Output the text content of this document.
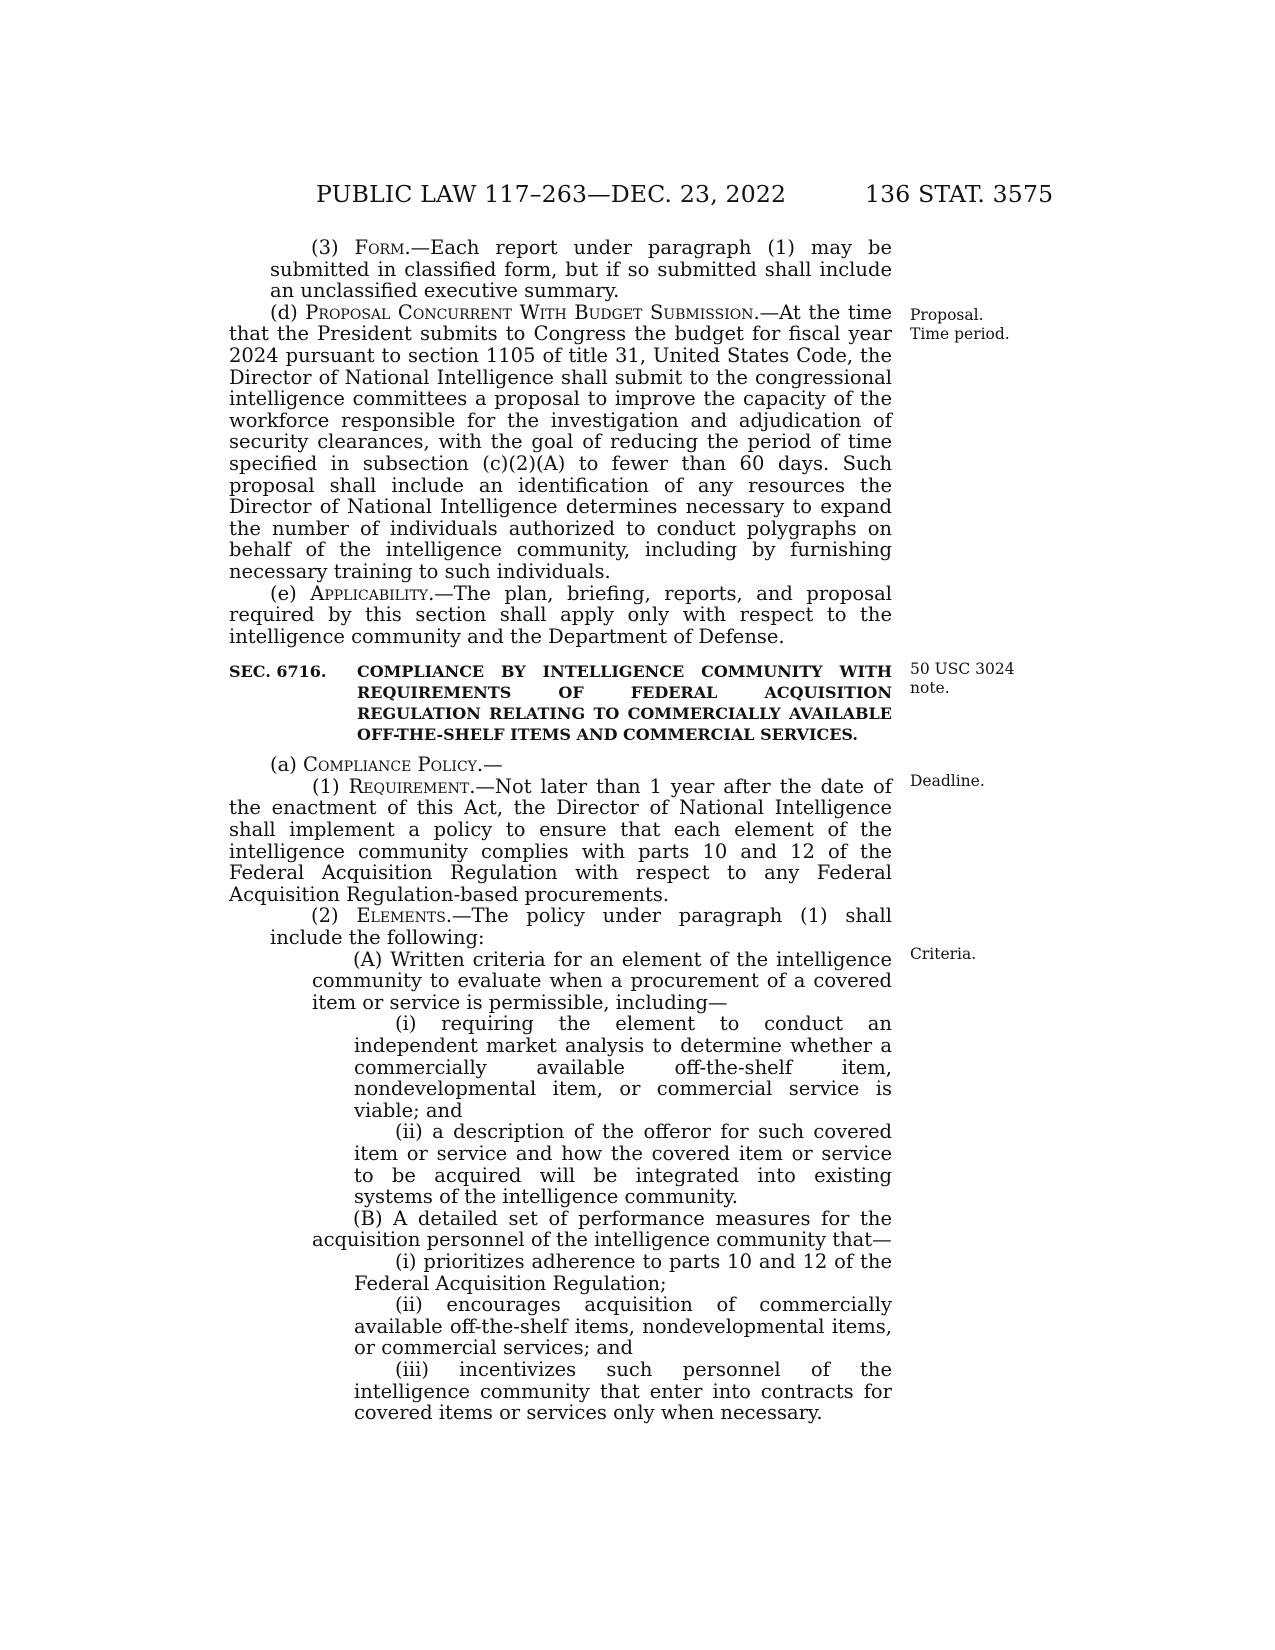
PUBLIC LAW 117–263—DEC. 23, 2022	136 STAT. 3575

(3) Form.—Each report under paragraph (1) may be submitted in classified form, but if so submitted shall include an unclassified executive summary.

(d) Proposal Concurrent With Budget Submission.—At the time that the President submits to Congress the budget for fiscal year 2024 pursuant to section 1105 of title 31, United States Code, the Director of National Intelligence shall submit to the congressional intelligence committees a proposal to improve the capacity of the workforce responsible for the investigation and adjudication of security clearances, with the goal of reducing the period of time specified in subsection (c)(2)(A) to fewer than 60 days. Such proposal shall include an identification of any resources the Director of National Intelligence determines necessary to expand the number of individuals authorized to conduct polygraphs on behalf of the intelligence community, including by furnishing necessary training to such individuals.

(e) Applicability.—The plan, briefing, reports, and proposal required by this section shall apply only with respect to the intelligence community and the Department of Defense.

SEC. 6716.	COMPLIANCE BY INTELLIGENCE COMMUNITY WITH REQUIREMENTS OF FEDERAL ACQUISITION REGULATION RELATING TO COMMERCIALLY AVAILABLE OFF-THE-SHELF ITEMS AND COMMERCIAL SERVICES.

(a) Compliance Policy.—

(1) Requirement.—Not later than 1 year after the date of the enactment of this Act, the Director of National Intelligence shall implement a policy to ensure that each element of the intelligence community complies with parts 10 and 12 of the Federal Acquisition Regulation with respect to any Federal Acquisition Regulation-based procurements.

(2) Elements.—The policy under paragraph (1) shall include the following:

(A) Written criteria for an element of the intelligence community to evaluate when a procurement of a covered item or service is permissible, including—

(i) requiring the element to conduct an independent market analysis to determine whether a commercially available off-the-shelf item, nondevelopmental item, or commercial service is viable; and

(ii) a description of the offeror for such covered item or service and how the covered item or service to be acquired will be integrated into existing systems of the intelligence community.

(B) A detailed set of performance measures for the acquisition personnel of the intelligence community that—

(i) prioritizes adherence to parts 10 and 12 of the Federal Acquisition Regulation;

(ii) encourages acquisition of commercially available off-the-shelf items, nondevelopmental items, or commercial services; and

(iii) incentivizes such personnel of the intelligence community that enter into contracts for covered items or services only when necessary.

Proposal.
Time period.
50 USC 3024
note.
Deadline.
Criteria.
